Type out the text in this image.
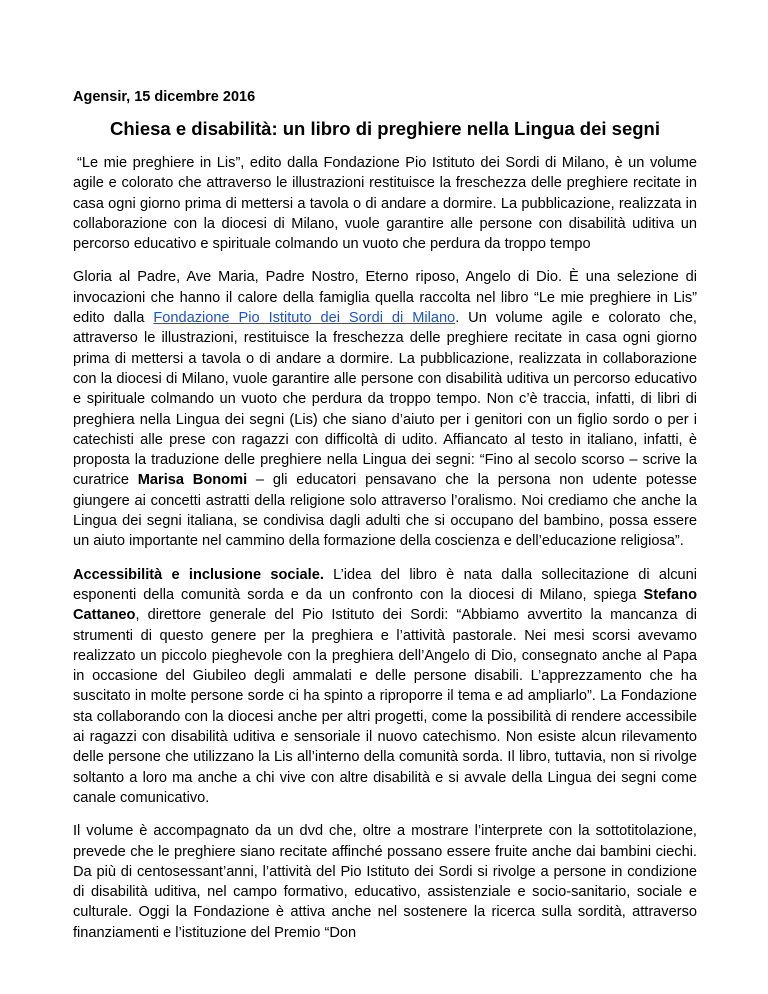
Agensir, 15 dicembre 2016
Chiesa e disabilità: un libro di preghiere nella Lingua dei segni

“Le mie preghiere in Lis”, edito dalla Fondazione Pio Istituto dei Sordi di Milano, è un volume agile e colorato che attraverso le illustrazioni restituisce la freschezza delle preghiere recitate in casa ogni giorno prima di mettersi a tavola o di andare a dormire. La pubblicazione, realizzata in collaborazione con la diocesi di Milano, vuole garantire alle persone con disabilità uditiva un percorso educativo e spirituale colmando un vuoto che perdura da troppo tempo

Gloria al Padre, Ave Maria, Padre Nostro, Eterno riposo, Angelo di Dio. È una selezione di invocazioni che hanno il calore della famiglia quella raccolta nel libro “Le mie preghiere in Lis” edito dalla Fondazione Pio Istituto dei Sordi di Milano. Un volume agile e colorato che, attraverso le illustrazioni, restituisce la freschezza delle preghiere recitate in casa ogni giorno prima di mettersi a tavola o di andare a dormire. La pubblicazione, realizzata in collaborazione con la diocesi di Milano, vuole garantire alle persone con disabilità uditiva un percorso educativo e spirituale colmando un vuoto che perdura da troppo tempo. Non c’è traccia, infatti, di libri di preghiera nella Lingua dei segni (Lis) che siano d’aiuto per i genitori con un figlio sordo o per i catechisti alle prese con ragazzi con difficoltà di udito. Affiancato al testo in italiano, infatti, è proposta la traduzione delle preghiere nella Lingua dei segni: “Fino al secolo scorso – scrive la curatrice Marisa Bonomi – gli educatori pensavano che la persona non udente potesse giungere ai concetti astratti della religione solo attraverso l’oralismo. Noi crediamo che anche la Lingua dei segni italiana, se condivisa dagli adulti che si occupano del bambino, possa essere un aiuto importante nel cammino della formazione della coscienza e dell’educazione religiosa”.

Accessibilità e inclusione sociale. L’idea del libro è nata dalla sollecitazione di alcuni esponenti della comunità sorda e da un confronto con la diocesi di Milano, spiega Stefano Cattaneo, direttore generale del Pio Istituto dei Sordi: “Abbiamo avvertito la mancanza di strumenti di questo genere per la preghiera e l’attività pastorale. Nei mesi scorsi avevamo realizzato un piccolo pieghevole con la preghiera dell’Angelo di Dio, consegnato anche al Papa in occasione del Giubileo degli ammalati e delle persone disabili. L’apprezzamento che ha suscitato in molte persone sorde ci ha spinto a riproporre il tema e ad ampliarlo”. La Fondazione sta collaborando con la diocesi anche per altri progetti, come la possibilità di rendere accessibile ai ragazzi con disabilità uditiva e sensoriale il nuovo catechismo. Non esiste alcun rilevamento delle persone che utilizzano la Lis all’interno della comunità sorda. Il libro, tuttavia, non si rivolge soltanto a loro ma anche a chi vive con altre disabilità e si avvale della Lingua dei segni come canale comunicativo.

Il volume è accompagnato da un dvd che, oltre a mostrare l’interprete con la sottotitolazione, prevede che le preghiere siano recitate affinché possano essere fruite anche dai bambini ciechi. Da più di centosessant’anni, l’attività del Pio Istituto dei Sordi si rivolge a persone in condizione di disabilità uditiva, nel campo formativo, educativo, assistenziale e socio-sanitario, sociale e culturale. Oggi la Fondazione è attiva anche nel sostenere la ricerca sulla sordità, attraverso finanziamenti e l’istituzione del Premio “Don
